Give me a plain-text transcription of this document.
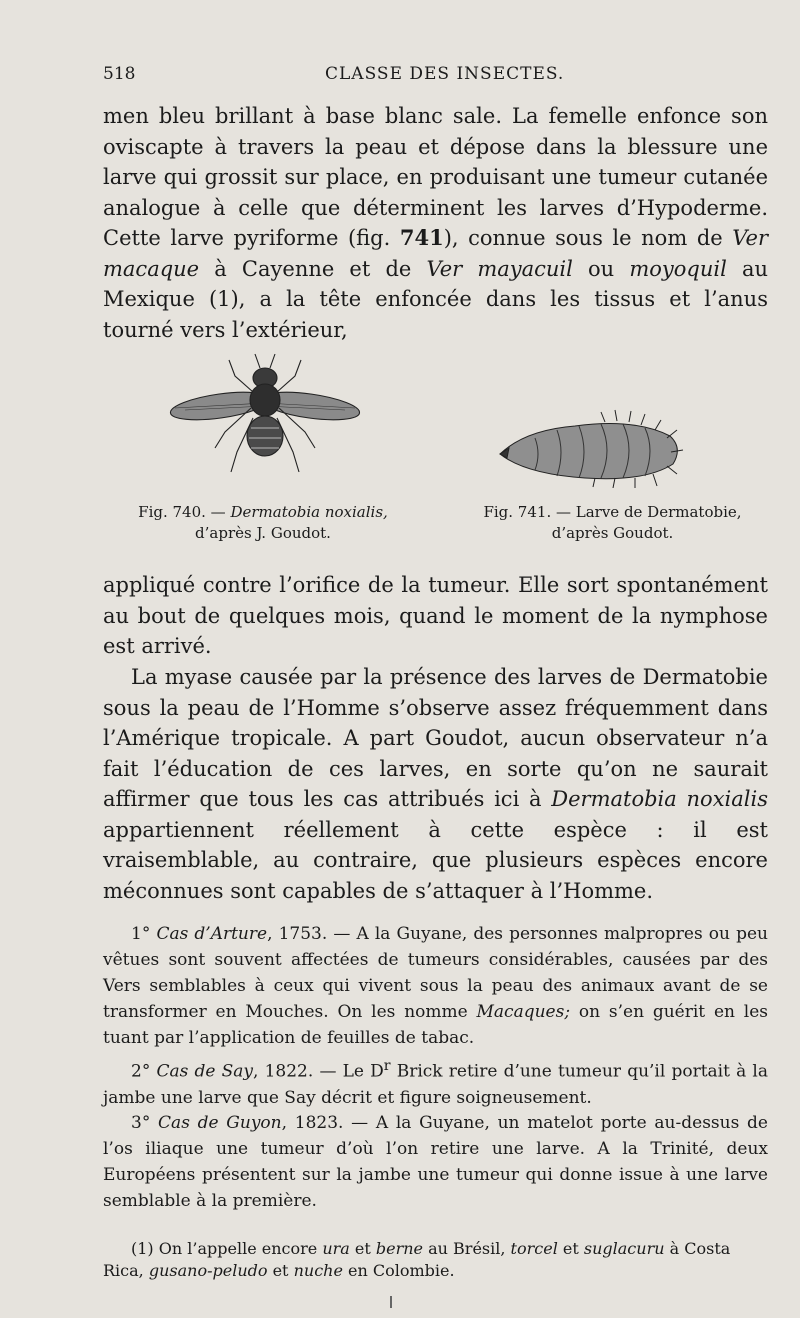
518	CLASSE DES INSECTES.

men bleu brillant à base blanc sale. La femelle enfonce son oviscapte à travers la peau et dépose dans la blessure une larve qui grossit sur place, en produisant une tumeur cutanée analogue à celle que déterminent les larves d’Hypoderme. Cette larve pyriforme (fig. 741), connue sous le nom de Ver macaque à Cayenne et de Ver mayacuil ou moyoquil au Mexique (1), a la tête enfoncée dans les tissus et l’anus tourné vers l’extérieur,

Fig. 740. — Dermatobia noxialis,
d’après J. Goudot.
Fig. 741. — Larve de Dermatobie,
d’après Goudot.

appliqué contre l’orifice de la tumeur. Elle sort spontanément au bout de quelques mois, quand le moment de la nymphose est arrivé.

La myase causée par la présence des larves de Dermatobie sous la peau de l’Homme s’observe assez fréquemment dans l’Amérique tropicale. A part Goudot, aucun observateur n’a fait l’éducation de ces larves, en sorte qu’on ne saurait affirmer que tous les cas attribués ici à Dermatobia noxialis appartiennent réellement à cette espèce : il est vraisemblable, au contraire, que plusieurs espèces encore méconnues sont capables de s’attaquer à l’Homme.

1° Cas d’Arture, 1753. — A la Guyane, des personnes malpropres ou peu vêtues sont souvent affectées de tumeurs considérables, causées par des Vers semblables à ceux qui vivent sous la peau des animaux avant de se transformer en Mouches. On les nomme Macaques; on s’en guérit en les tuant par l’application de feuilles de tabac.

2° Cas de Say, 1822. — Le $D^r$ Brick retire d’une tumeur qu’il portait à la jambe une larve que Say décrit et figure soigneusement.

3° Cas de Guyon, 1823. — A la Guyane, un matelot porte au-dessus de l’os iliaque une tumeur d’où l’on retire une larve. A la Trinité, deux Européens présentent sur la jambe une tumeur qui donne issue à une larve semblable à la première.

(1) On l’appelle encore ura et berne au Brésil, torcel et suglacuru à Costa Rica, gusano-peludo et nuche en Colombie.
